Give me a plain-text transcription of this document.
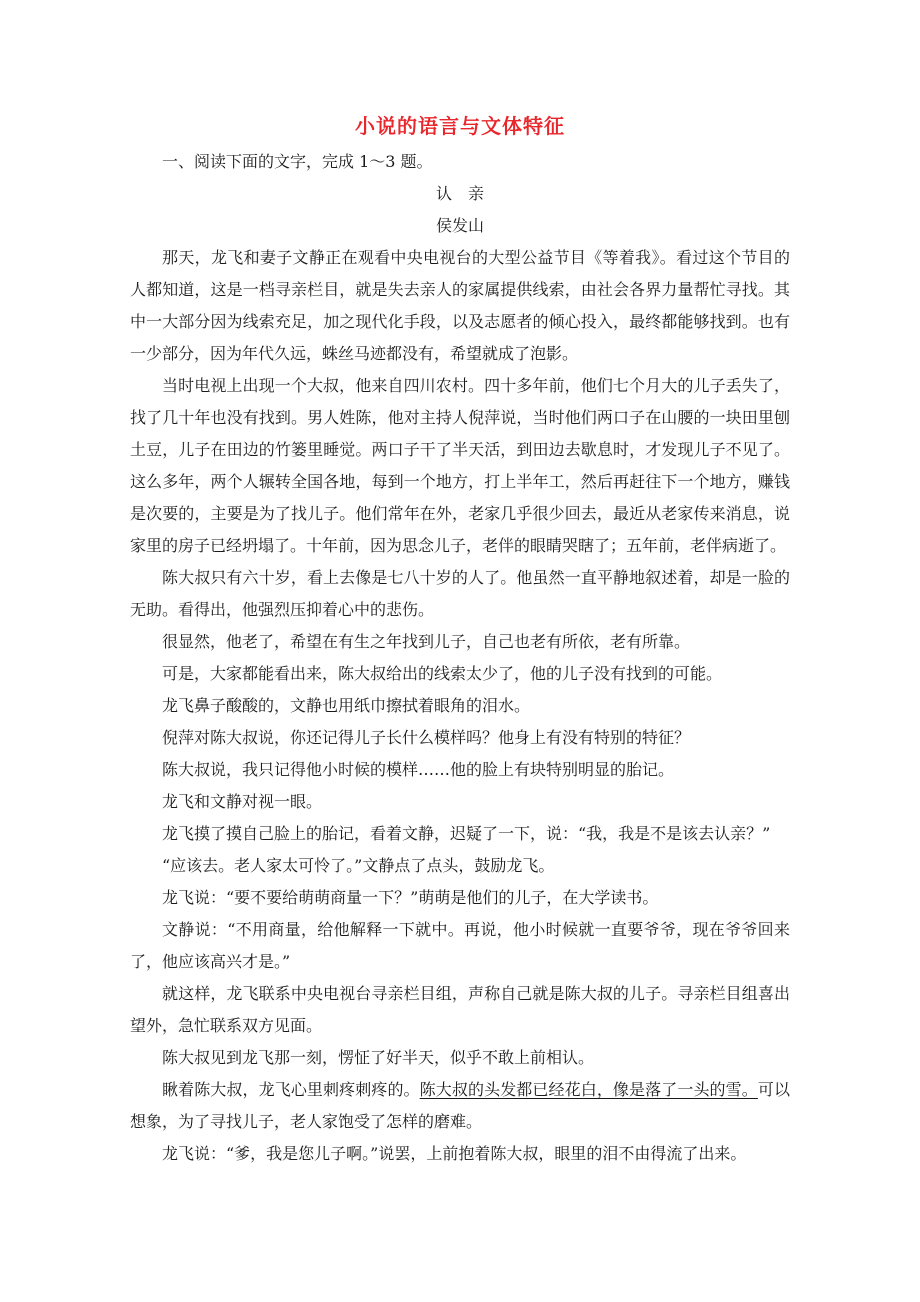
小说的语言与文体特征

一、阅读下面的文字，完成 1～3 题。

认　亲

侯发山

那天，龙飞和妻子文静正在观看中央电视台的大型公益节目《等着我》。看过这个节目的人都知道，这是一档寻亲栏目，就是失去亲人的家属提供线索，由社会各界力量帮忙寻找。其中一大部分因为线索充足，加之现代化手段，以及志愿者的倾心投入，最终都能够找到。也有一少部分，因为年代久远，蛛丝马迹都没有，希望就成了泡影。

当时电视上出现一个大叔，他来自四川农村。四十多年前，他们七个月大的儿子丢失了，找了几十年也没有找到。男人姓陈，他对主持人倪萍说，当时他们两口子在山腰的一块田里刨土豆，儿子在田边的竹篓里睡觉。两口子干了半天活，到田边去歇息时，才发现儿子不见了。这么多年，两个人辗转全国各地，每到一个地方，打上半年工，然后再赶往下一个地方，赚钱是次要的，主要是为了找儿子。他们常年在外，老家几乎很少回去，最近从老家传来消息，说家里的房子已经坍塌了。十年前，因为思念儿子，老伴的眼睛哭瞎了；五年前，老伴病逝了。

陈大叔只有六十岁，看上去像是七八十岁的人了。他虽然一直平静地叙述着，却是一脸的无助。看得出，他强烈压抑着心中的悲伤。

很显然，他老了，希望在有生之年找到儿子，自己也老有所依，老有所靠。

可是，大家都能看出来，陈大叔给出的线索太少了，他的儿子没有找到的可能。

龙飞鼻子酸酸的，文静也用纸巾擦拭着眼角的泪水。

倪萍对陈大叔说，你还记得儿子长什么模样吗？他身上有没有特别的特征？

陈大叔说，我只记得他小时候的模样……他的脸上有块特别明显的胎记。

龙飞和文静对视一眼。

龙飞摸了摸自己脸上的胎记，看着文静，迟疑了一下，说：“我，我是不是该去认亲？”

“应该去。老人家太可怜了。”文静点了点头，鼓励龙飞。

龙飞说：“要不要给萌萌商量一下？”萌萌是他们的儿子，在大学读书。

文静说：“不用商量，给他解释一下就中。再说，他小时候就一直要爷爷，现在爷爷回来了，他应该高兴才是。”

就这样，龙飞联系中央电视台寻亲栏目组，声称自己就是陈大叔的儿子。寻亲栏目组喜出望外，急忙联系双方见面。

陈大叔见到龙飞那一刻，愣怔了好半天，似乎不敢上前相认。

瞅着陈大叔，龙飞心里刺疼刺疼的。陈大叔的头发都已经花白，像是落了一头的雪。可以想象，为了寻找儿子，老人家饱受了怎样的磨难。

龙飞说：“爹，我是您儿子啊。”说罢，上前抱着陈大叔，眼里的泪不由得流了出来。
